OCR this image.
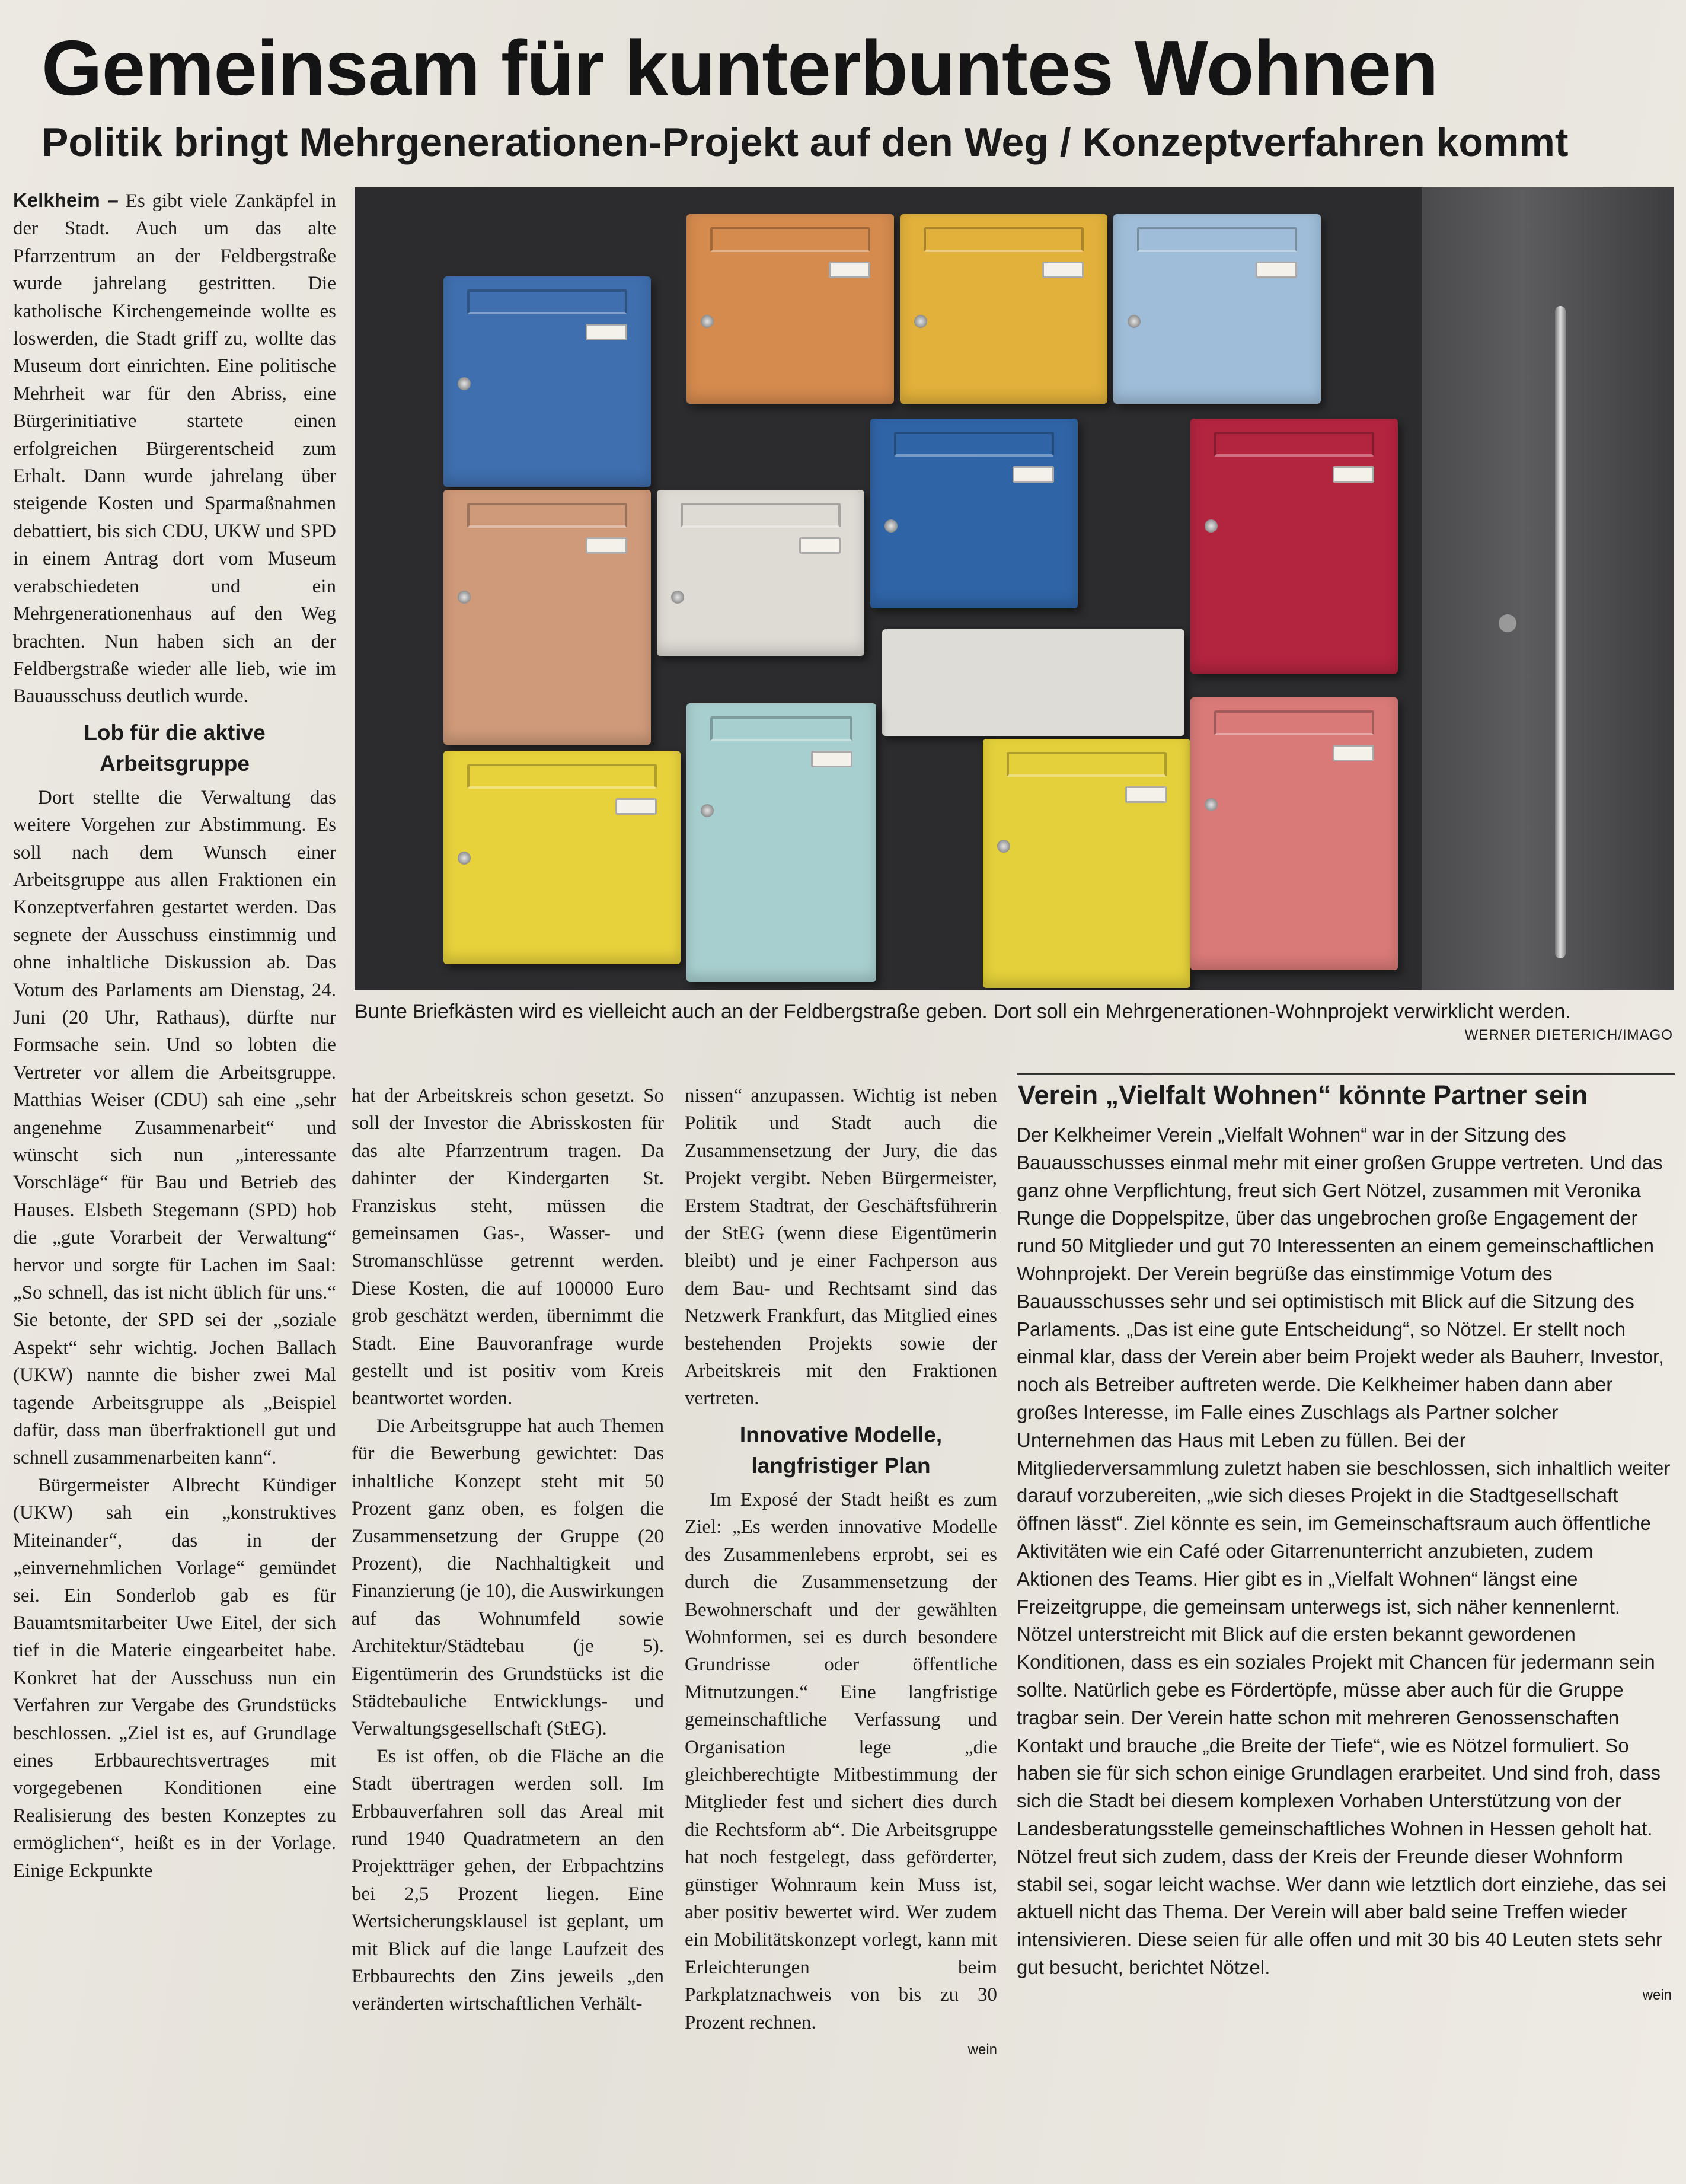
Gemeinsam für kunterbuntes Wohnen
Politik bringt Mehrgenerationen-Projekt auf den Weg / Konzeptverfahren kommt
Bunte Briefkästen wird es vielleicht auch an der Feldbergstraße geben. Dort soll ein Mehrgenerationen-Wohnprojekt verwirklicht werden.
WERNER DIETERICH/IMAGO

Kelkheim – Es gibt viele Zankäpfel in der Stadt. Auch um das alte Pfarrzentrum an der Feldbergstraße wurde jahrelang gestritten. Die katholische Kirchengemeinde wollte es loswerden, die Stadt griff zu, wollte das Museum dort einrichten. Eine politische Mehrheit war für den Abriss, eine Bürgerinitiative startete einen erfolgreichen Bürgerentscheid zum Erhalt. Dann wurde jahrelang über steigende Kosten und Sparmaßnahmen debattiert, bis sich CDU, UKW und SPD in einem Antrag dort vom Museum verabschiedeten und ein Mehrgenerationenhaus auf den Weg brachten. Nun haben sich an der Feldbergstraße wieder alle lieb, wie im Bauausschuss deutlich wurde.

Lob für die aktive Arbeitsgruppe

Dort stellte die Verwaltung das weitere Vorgehen zur Abstimmung. Es soll nach dem Wunsch einer Arbeitsgruppe aus allen Fraktionen ein Konzeptverfahren gestartet werden. Das segnete der Ausschuss einstimmig und ohne inhaltliche Diskussion ab. Das Votum des Parlaments am Dienstag, 24. Juni (20 Uhr, Rathaus), dürfte nur Formsache sein. Und so lobten die Vertreter vor allem die Arbeitsgruppe. Matthias Weiser (CDU) sah eine „sehr angenehme Zusammenarbeit“ und wünscht sich nun „interessante Vorschläge“ für Bau und Betrieb des Hauses. Elsbeth Stegemann (SPD) hob die „gute Vorarbeit der Verwaltung“ hervor und sorgte für Lachen im Saal: „So schnell, das ist nicht üblich für uns.“ Sie betonte, der SPD sei der „soziale Aspekt“ sehr wichtig. Jochen Ballach (UKW) nannte die bisher zwei Mal tagende Arbeitsgruppe als „Beispiel dafür, dass man überfraktionell gut und schnell zusammenarbeiten kann“.

Bürgermeister Albrecht Kündiger (UKW) sah ein „konstruktives Miteinander“, das in der „einvernehmlichen Vorlage“ gemündet sei. Ein Sonderlob gab es für Bauamtsmitarbeiter Uwe Eitel, der sich tief in die Materie eingearbeitet habe. Konkret hat der Ausschuss nun ein Verfahren zur Vergabe des Grundstücks beschlossen. „Ziel ist es, auf Grundlage eines Erbbaurechtsvertrages mit vorgegebenen Konditionen eine Realisierung des besten Konzeptes zu ermöglichen“, heißt es in der Vorlage. Einige Eckpunkte

hat der Arbeitskreis schon gesetzt. So soll der Investor die Abrisskosten für das alte Pfarrzentrum tragen. Da dahinter der Kindergarten St. Franziskus steht, müssen die gemeinsamen Gas-, Wasser- und Stromanschlüsse getrennt werden. Diese Kosten, die auf 100000 Euro grob geschätzt werden, übernimmt die Stadt. Eine Bauvoranfrage wurde gestellt und ist positiv vom Kreis beantwortet worden.

Die Arbeitsgruppe hat auch Themen für die Bewerbung gewichtet: Das inhaltliche Konzept steht mit 50 Prozent ganz oben, es folgen die Zusammensetzung der Gruppe (20 Prozent), die Nachhaltigkeit und Finanzierung (je 10), die Auswirkungen auf das Wohnumfeld sowie Architektur/Städtebau (je 5). Eigentümerin des Grundstücks ist die Städtebauliche Entwicklungs- und Verwaltungsgesellschaft (StEG).

Es ist offen, ob die Fläche an die Stadt übertragen werden soll. Im Erbbauverfahren soll das Areal mit rund 1940 Quadratmetern an den Projektträger gehen, der Erbpachtzins bei 2,5 Prozent liegen. Eine Wertsicherungsklausel ist geplant, um mit Blick auf die lange Laufzeit des Erbbaurechts den Zins jeweils „den veränderten wirtschaftlichen Verhält-

nissen“ anzupassen. Wichtig ist neben Politik und Stadt auch die Zusammensetzung der Jury, die das Projekt vergibt. Neben Bürgermeister, Erstem Stadtrat, der Geschäftsführerin der StEG (wenn diese Eigentümerin bleibt) und je einer Fachperson aus dem Bau- und Rechtsamt sind das Netzwerk Frankfurt, das Mitglied eines bestehenden Projekts sowie der Arbeitskreis mit den Fraktionen vertreten.

Innovative Modelle, langfristiger Plan

Im Exposé der Stadt heißt es zum Ziel: „Es werden innovative Modelle des Zusammenlebens erprobt, sei es durch die Zusammensetzung der Bewohnerschaft und der gewählten Wohnformen, sei es durch besondere Grundrisse oder öffentliche Mitnutzungen.“ Eine langfristige gemeinschaftliche Verfassung und Organisation lege „die gleichberechtigte Mitbestimmung der Mitglieder fest und sichert dies durch die Rechtsform ab“. Die Arbeitsgruppe hat noch festgelegt, dass geförderter, günstiger Wohnraum kein Muss ist, aber positiv bewertet wird. Wer zudem ein Mobilitätskonzept vorlegt, kann mit Erleichterungen beim Parkplatznachweis von bis zu 30 Prozent rechnen.

wein
Verein „Vielfalt Wohnen“ könnte Partner sein

Der Kelkheimer Verein „Vielfalt Wohnen“ war in der Sitzung des Bauausschusses einmal mehr mit einer großen Gruppe vertreten. Und das ganz ohne Verpflichtung, freut sich Gert Nötzel, zusammen mit Veronika Runge die Doppelspitze, über das ungebrochen große Engagement der rund 50 Mitglieder und gut 70 Interessenten an einem gemeinschaftlichen Wohnprojekt. Der Verein begrüße das einstimmige Votum des Bauausschusses sehr und sei optimistisch mit Blick auf die Sitzung des Parlaments. „Das ist eine gute Entscheidung“, so Nötzel. Er stellt noch einmal klar, dass der Verein aber beim Projekt weder als Bauherr, Investor, noch als Betreiber auftreten werde. Die Kelkheimer haben dann aber großes Interesse, im Falle eines Zuschlags als Partner solcher Unternehmen das Haus mit Leben zu füllen. Bei der Mitgliederversammlung zuletzt haben sie beschlossen, sich inhaltlich weiter darauf vorzubereiten, „wie sich dieses Projekt in die Stadtgesellschaft öffnen lässt“. Ziel könnte es sein, im Gemeinschaftsraum auch öffentliche Aktivitäten wie ein Café oder Gitarrenunterricht anzubieten, zudem Aktionen des Teams. Hier gibt es in „Vielfalt Wohnen“ längst eine Freizeitgruppe, die gemeinsam unterwegs ist, sich näher kennenlernt.

Nötzel unterstreicht mit Blick auf die ersten bekannt gewordenen Konditionen, dass es ein soziales Projekt mit Chancen für jedermann sein sollte. Natürlich gebe es Fördertöpfe, müsse aber auch für die Gruppe tragbar sein. Der Verein hatte schon mit mehreren Genossenschaften Kontakt und brauche „die Breite der Tiefe“, wie es Nötzel formuliert. So haben sie für sich schon einige Grundlagen erarbeitet. Und sind froh, dass sich die Stadt bei diesem komplexen Vorhaben Unterstützung von der Landesberatungsstelle gemeinschaftliches Wohnen in Hessen geholt hat. Nötzel freut sich zudem, dass der Kreis der Freunde dieser Wohnform stabil sei, sogar leicht wachse. Wer dann wie letztlich dort einziehe, das sei aktuell nicht das Thema. Der Verein will aber bald seine Treffen wieder intensivieren. Diese seien für alle offen und mit 30 bis 40 Leuten stets sehr gut besucht, berichtet Nötzel.

wein
